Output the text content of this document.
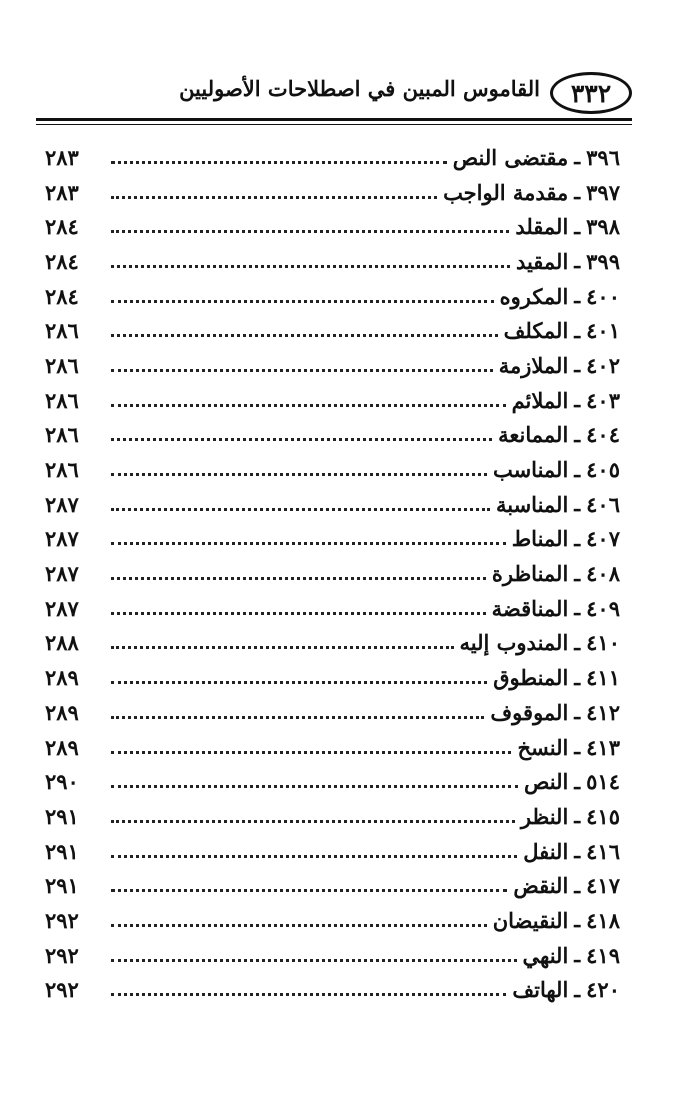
٣٣٢
القاموس المبين في اصطلاحات الأصوليين
٣٩٦
ـ
مقتضى النص
٢٨٣
٣٩٧
ـ
مقدمة الواجب
٢٨٣
٣٩٨
ـ
المقلد
٢٨٤
٣٩٩
ـ
المقيد
٢٨٤
٤٠٠
ـ
المكروه
٢٨٤
٤٠١
ـ
المكلف
٢٨٦
٤٠٢
ـ
الملازمة
٢٨٦
٤٠٣
ـ
الملائم
٢٨٦
٤٠٤
ـ
الممانعة
٢٨٦
٤٠٥
ـ
المناسب
٢٨٦
٤٠٦
ـ
المناسبة
٢٨٧
٤٠٧
ـ
المناط
٢٨٧
٤٠٨
ـ
المناظرة
٢٨٧
٤٠٩
ـ
المناقضة
٢٨٧
٤١٠
ـ
المندوب إليه
٢٨٨
٤١١
ـ
المنطوق
٢٨٩
٤١٢
ـ
الموقوف
٢٨٩
٤١٣
ـ
النسخ
٢٨٩
٥١٤
ـ
النص
٢٩٠
٤١٥
ـ
النظر
٢٩١
٤١٦
ـ
النفل
٢٩١
٤١٧
ـ
النقض
٢٩١
٤١٨
ـ
النقيضان
٢٩٢
٤١٩
ـ
النهي
٢٩٢
٤٢٠
ـ
الهاتف
٢٩٢
